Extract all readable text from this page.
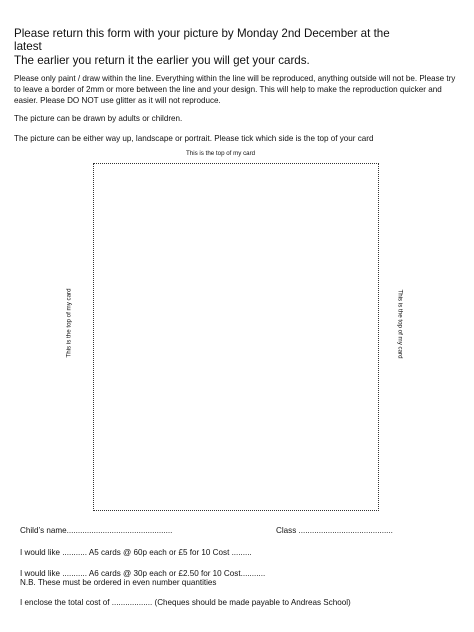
Please return this form with your picture by Monday 2nd December at the
latest
The earlier you return it the earlier you will get your cards.
Please only paint / draw within the line. Everything within the line will be reproduced, anything outside will not be. Please try to leave a border of 2mm or more between the line and your design. This will help to make the reproduction quicker and easier. Please DO NOT use glitter as it will not reproduce.
The picture can be drawn by adults or children.
The picture can be either way up, landscape or portrait. Please tick which side is the top of your card
This is the top of my card
This is the top of my card	This is the top of my card
Child’s name...............................................	Class ..........................................
I would like ........... A5 cards @ 60p each or £5 for 10 Cost .........
I would like ........... A6 cards @ 30p each or £2.50 for 10 Cost...........
N.B. These must be ordered in even number quantities
I enclose the total cost of .................. (Cheques should be made payable to Andreas School)
